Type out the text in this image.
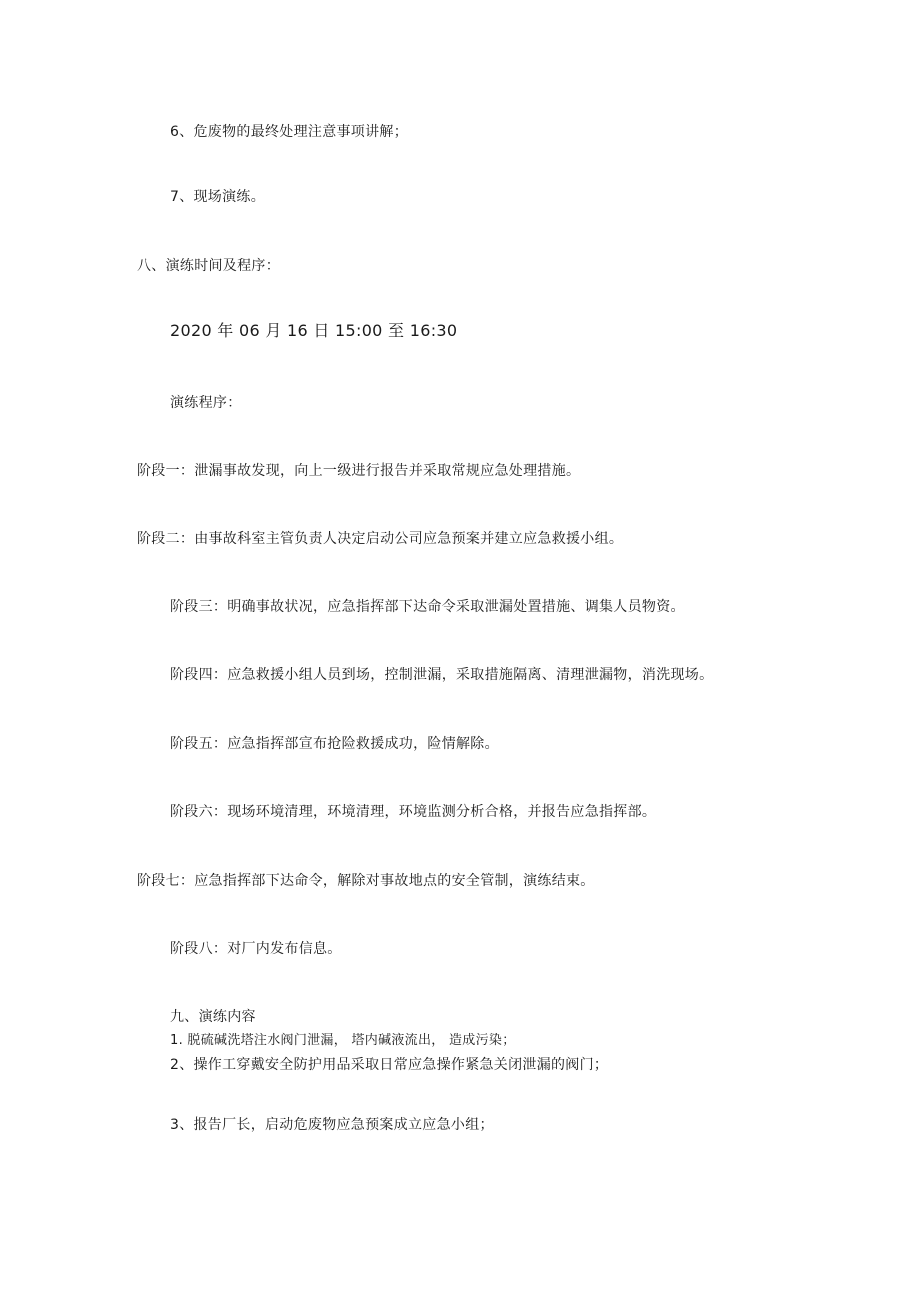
6、危废物的最终处理注意事项讲解；
7、现场演练。
八、演练时间及程序：
2020 年 06 月 16 日 15:00 至 16:30
演练程序：
阶段一：泄漏事故发现，向上一级进行报告并采取常规应急处理措施。
阶段二：由事故科室主管负责人决定启动公司应急预案并建立应急救援小组。
阶段三：明确事故状况，应急指挥部下达命令采取泄漏处置措施、调集人员物资。
阶段四：应急救援小组人员到场，控制泄漏，采取措施隔离、清理泄漏物，消洗现场。
阶段五：应急指挥部宣布抢险救援成功，险情解除。
阶段六：现场环境清理，环境清理，环境监测分析合格，并报告应急指挥部。
阶段七：应急指挥部下达命令，解除对事故地点的安全管制，演练结束。
阶段八：对厂内发布信息。
九、演练内容
1. 脱硫碱洗塔注水阀门泄漏， 塔内碱液流出， 造成污染；
2、操作工穿戴安全防护用品采取日常应急操作紧急关闭泄漏的阀门；
3、报告厂长，启动危废物应急预案成立应急小组；
